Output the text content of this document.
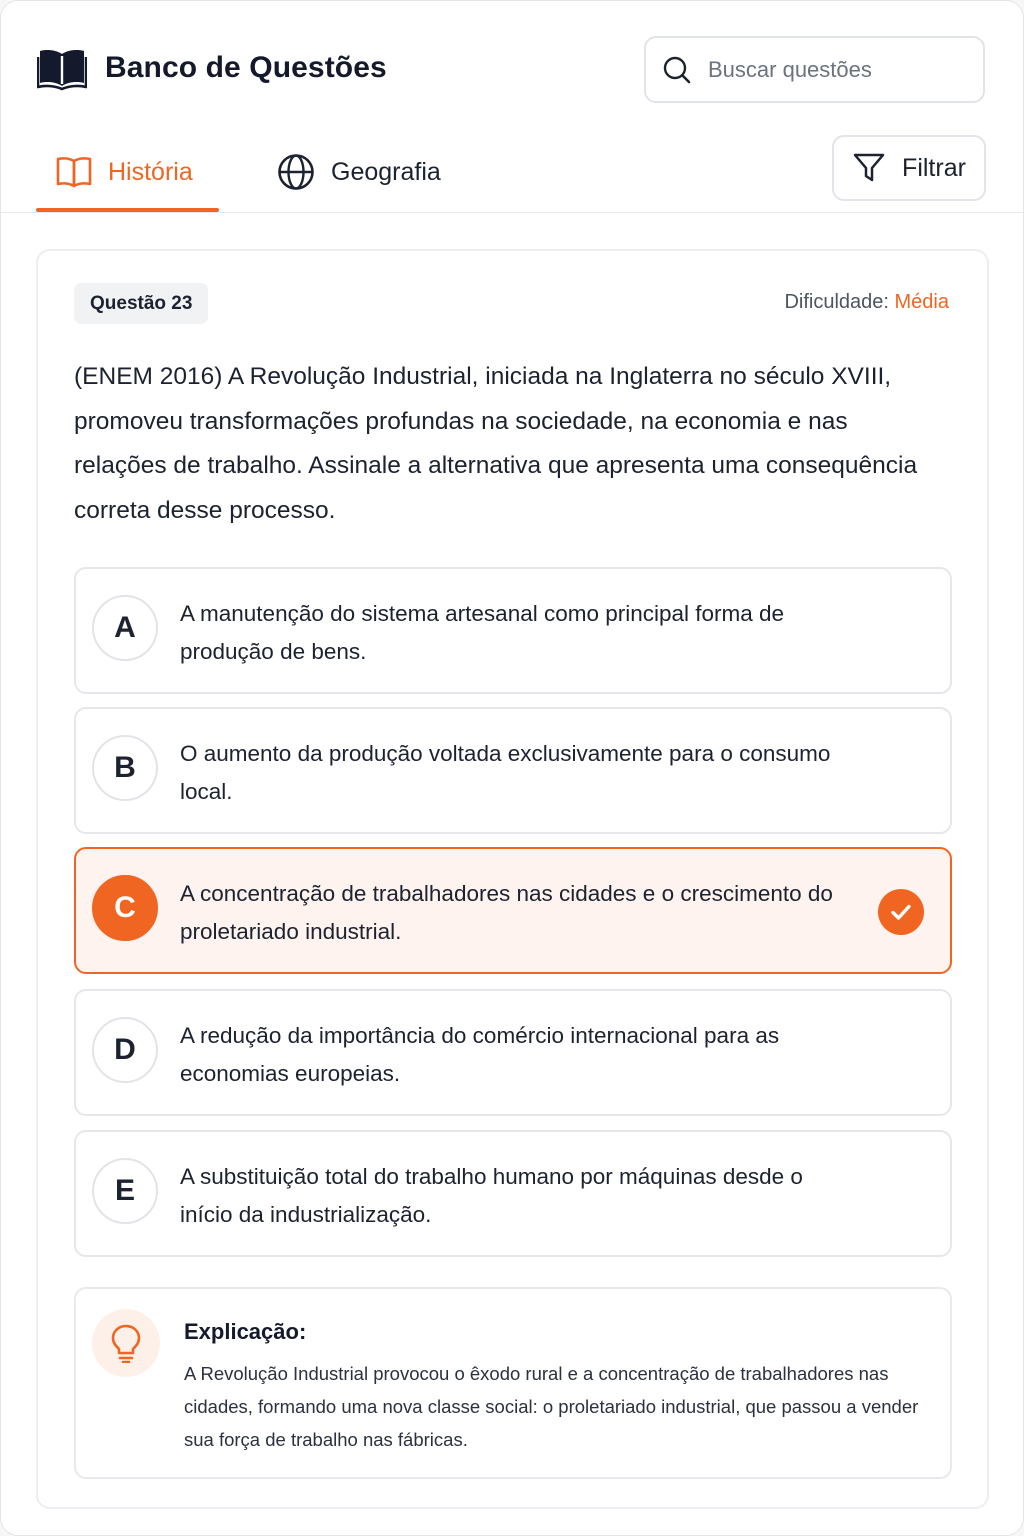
Banco de Questões
Buscar questões
História	Geografia	Filtrar
Questão 23	Dificuldade: Média

(ENEM 2016) A Revolução Industrial, iniciada na Inglaterra no século XVIII, promoveu transformações profundas na sociedade, na economia e nas relações de trabalho. Assinale a alternativa que apresenta uma consequência correta desse processo.

A	A manutenção do sistema artesanal como principal forma de produção de bens.
B	O aumento da produção voltada exclusivamente para o consumo local.
C	A concentração de trabalhadores nas cidades e o crescimento do proletariado industrial.
D	A redução da importância do comércio internacional para as economias europeias.
E	A substituição total do trabalho humano por máquinas desde o início da industrialização.
Explicação:

A Revolução Industrial provocou o êxodo rural e a concentração de trabalhadores nas cidades, formando uma nova classe social: o proletariado industrial, que passou a vender sua força de trabalho nas fábricas.
